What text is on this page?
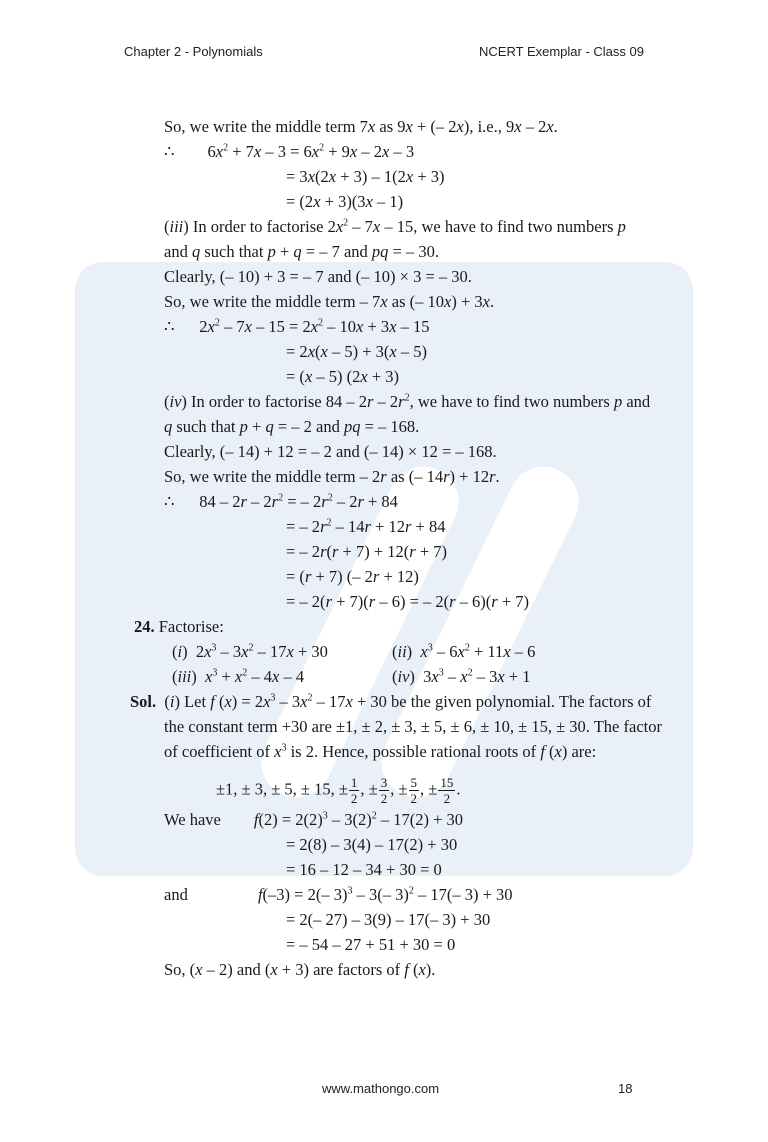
Chapter 2 - Polynomials	NCERT Exemplar - Class 09
So, we write the middle term 7x as 9x + (– 2x), i.e., 9x – 2x.
∴        $6x^2 + 7x - 3 = 6x^2 + 9x - 2x - 3$
= 3x(2x + 3) – 1(2x + 3)
= (2x + 3)(3x – 1)
(iii) In order to factorise $2x^2 - 7x - 15$, we have to find two numbers p
and q such that p + q = – 7 and pq = – 30.
Clearly, (– 10) + 3 = – 7 and (– 10) × 3 = – 30.
So, we write the middle term – 7x as (– 10x) + 3x.
∴      $2x^2 - 7x - 15 = 2x^2 - 10x + 3x - 15$
= 2x(x – 5) + 3(x – 5)
= (x – 5) (2x + 3)
(iv) In order to factorise $84 - 2r - 2r^2$, we have to find two numbers p and
q such that p + q = – 2 and pq = – 168.
Clearly, (– 14) + 12 = – 2 and (– 14) × 12 = – 168.
So, we write the middle term – 2r as (– 14r) + 12r.
∴      $84 - 2r - 2r^2$ = – $2r^2 - 2r + 84$
= – $2r^2 - 14r + 12r + 84$
= – 2r(r + 7) + 12(r + 7)
= (r + 7) (– 2r + 12)
= – 2(r + 7)(r – 6) = – 2(r – 6)(r + 7)
24. Factorise:
(i)  $2x^3 - 3x^2 - 17x + 30$	(ii)  $x^3 - 6x^2 + 11x - 6$
(iii)  $x^3 + x^2 - 4x - 4$	(iv)  $3x^3 - x^2 - 3x + 1$
Sol.  (i) Let f $(x) = 2x^3 - 3x^2 - 17x + 30$ be the given polynomial. The factors of
the constant term +30 are ±1, ± 2, ± 3, ± 5, ± 6, ± 10, ± 15, ± 30. The factor
of coefficient of $x^3$ is 2. Hence, possible rational roots of f (x) are:
±1, ± 3, ± 5, ± 15, ± $\frac{1}{2}$ , ± $\frac{3}{2}$ , ± $\frac{5}{2}$ , ± $\frac{15}{2}$ .
We have        $f(2) = 2(2)^3 - 3(2)^2 - 17(2) + 30$
= 2(8) – 3(4) – 17(2) + 30
= 16 – 12 – 34 + 30 = 0
and                 f(–3) = 2(– 3)$^3$ – 3(– 3)$^2$ – 17(– 3) + 30
= 2(– 27) – 3(9) – 17(– 3) + 30
= – 54 – 27 + 51 + 30 = 0
So, (x – 2) and (x + 3) are factors of f (x).
www.mathongo.com	18
